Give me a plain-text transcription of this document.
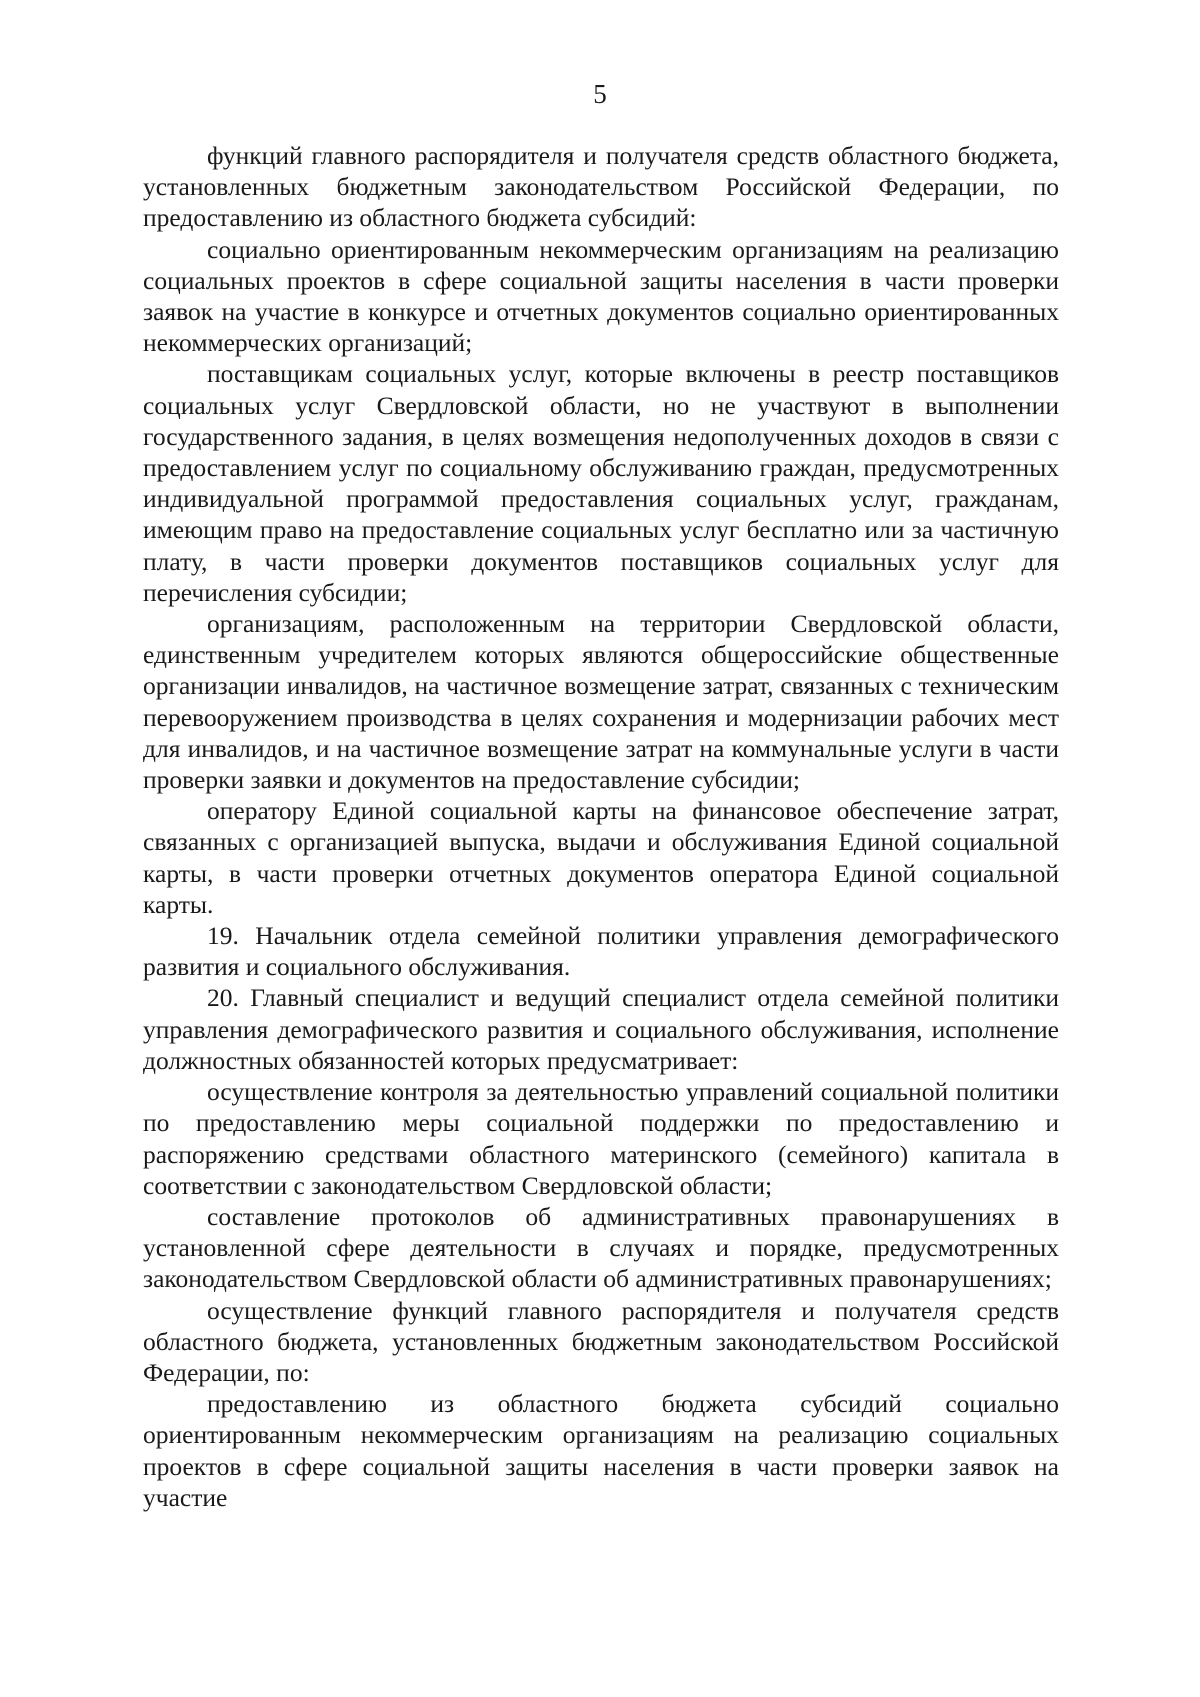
5

функций главного распорядителя и получателя средств областного бюджета, установленных бюджетным законодательством Российской Федерации, по предоставлению из областного бюджета субсидий:

социально ориентированным некоммерческим организациям на реализацию социальных проектов в сфере социальной защиты населения в части проверки заявок на участие в конкурсе и отчетных документов социально ориентированных некоммерческих организаций;

поставщикам социальных услуг, которые включены в реестр поставщиков социальных услуг Свердловской области, но не участвуют в выполнении государственного задания, в целях возмещения недополученных доходов в связи с предоставлением услуг по социальному обслуживанию граждан, предусмотренных индивидуальной программой предоставления социальных услуг, гражданам, имеющим право на предоставление социальных услуг бесплатно или за частичную плату, в части проверки документов поставщиков социальных услуг для перечисления субсидии;

организациям, расположенным на территории Свердловской области, единственным учредителем которых являются общероссийские общественные организации инвалидов, на частичное возмещение затрат, связанных с техническим перевооружением производства в целях сохранения и модернизации рабочих мест для инвалидов, и на частичное возмещение затрат на коммунальные услуги в части проверки заявки и документов на предоставление субсидии;

оператору Единой социальной карты на финансовое обеспечение затрат, связанных с организацией выпуска, выдачи и обслуживания Единой социальной карты, в части проверки отчетных документов оператора Единой социальной карты.

19. Начальник отдела семейной политики управления демографического развития и социального обслуживания.

20. Главный специалист и ведущий специалист отдела семейной политики управления демографического развития и социального обслуживания, исполнение должностных обязанностей которых предусматривает:

осуществление контроля за деятельностью управлений социальной политики по предоставлению меры социальной поддержки по предоставлению и распоряжению средствами областного материнского (семейного) капитала в соответствии с законодательством Свердловской области;

составление протоколов об административных правонарушениях в установленной сфере деятельности в случаях и порядке, предусмотренных законодательством Свердловской области об административных правонарушениях;

осуществление функций главного распорядителя и получателя средств областного бюджета, установленных бюджетным законодательством Российской Федерации, по:

предоставлению из областного бюджета субсидий социально ориентированным некоммерческим организациям на реализацию социальных проектов в сфере социальной защиты населения в части проверки заявок на участие
